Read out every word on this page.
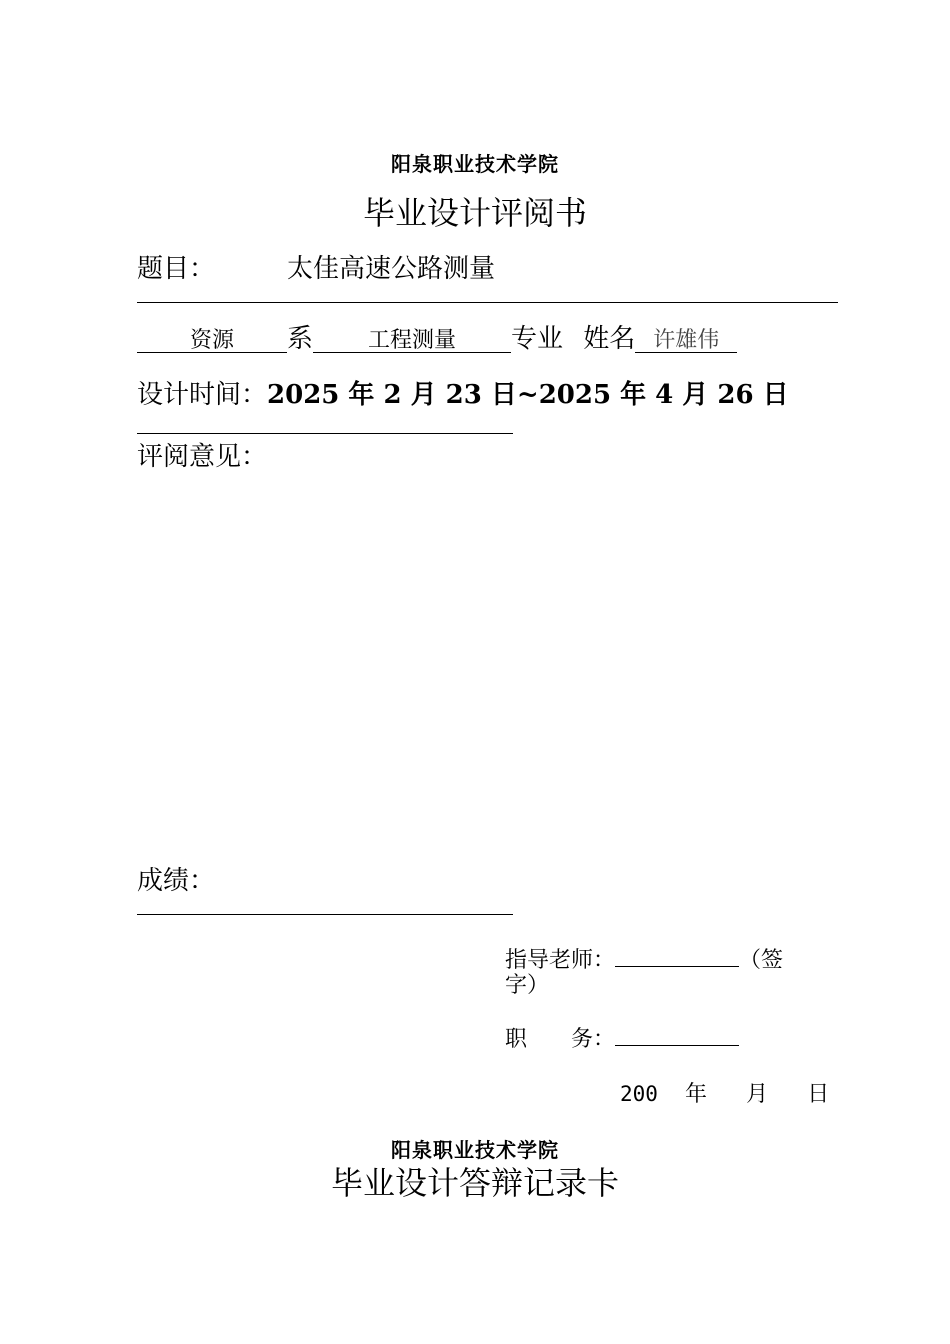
阳泉职业技术学院
毕业设计评阅书
题目：	太佳高速公路测量
资源 系 工程测量 专业 姓名 许雄伟
设计时间：2025 年 2 月 23 日~2025 年 4 月 26 日
评阅意见：
成绩：
指导老师：	（签
字）
职　　务：
200 年 月 日
阳泉职业技术学院
毕业设计答辩记录卡
